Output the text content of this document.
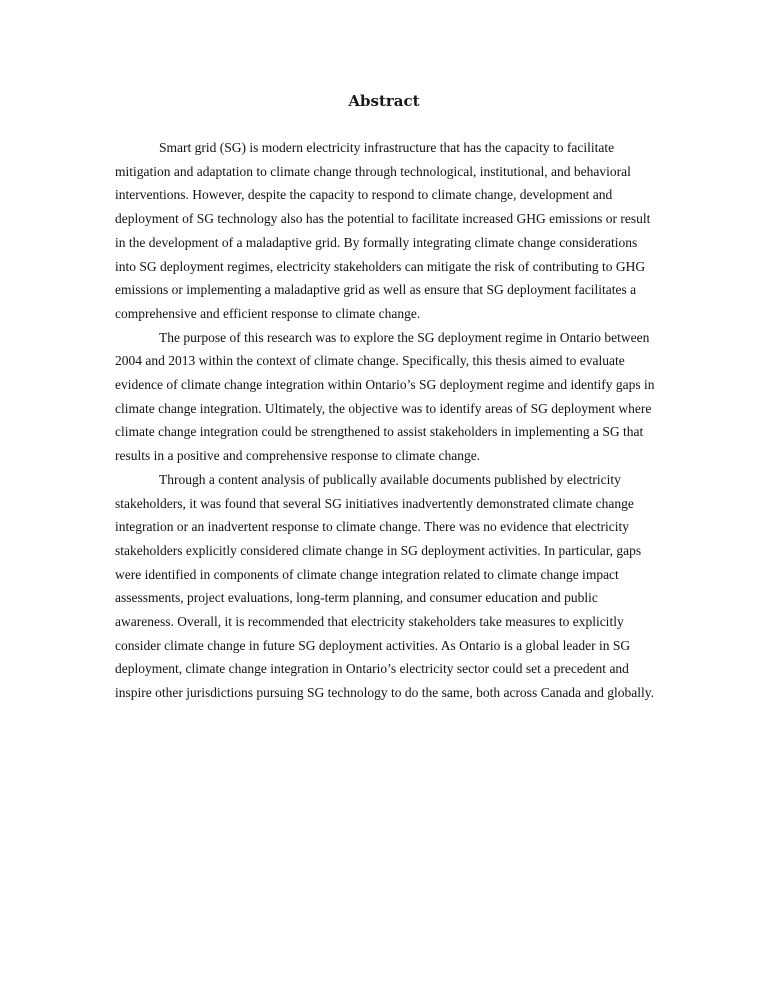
Abstract

Smart grid (SG) is modern electricity infrastructure that has the capacity to facilitate mitigation and adaptation to climate change through technological, institutional, and behavioral interventions. However, despite the capacity to respond to climate change, development and deployment of SG technology also has the potential to facilitate increased GHG emissions or result in the development of a maladaptive grid. By formally integrating climate change considerations into SG deployment regimes, electricity stakeholders can mitigate the risk of contributing to GHG emissions or implementing a maladaptive grid as well as ensure that SG deployment facilitates a comprehensive and efficient response to climate change.

The purpose of this research was to explore the SG deployment regime in Ontario between 2004 and 2013 within the context of climate change. Specifically, this thesis aimed to evaluate evidence of climate change integration within Ontario’s SG deployment regime and identify gaps in climate change integration. Ultimately, the objective was to identify areas of SG deployment where climate change integration could be strengthened to assist stakeholders in implementing a SG that results in a positive and comprehensive response to climate change.

Through a content analysis of publically available documents published by electricity stakeholders, it was found that several SG initiatives inadvertently demonstrated climate change integration or an inadvertent response to climate change. There was no evidence that electricity stakeholders explicitly considered climate change in SG deployment activities. In particular, gaps were identified in components of climate change integration related to climate change impact assessments, project evaluations, long-term planning, and consumer education and public awareness. Overall, it is recommended that electricity stakeholders take measures to explicitly consider climate change in future SG deployment activities. As Ontario is a global leader in SG deployment, climate change integration in Ontario’s electricity sector could set a precedent and inspire other jurisdictions pursuing SG technology to do the same, both across Canada and globally.
